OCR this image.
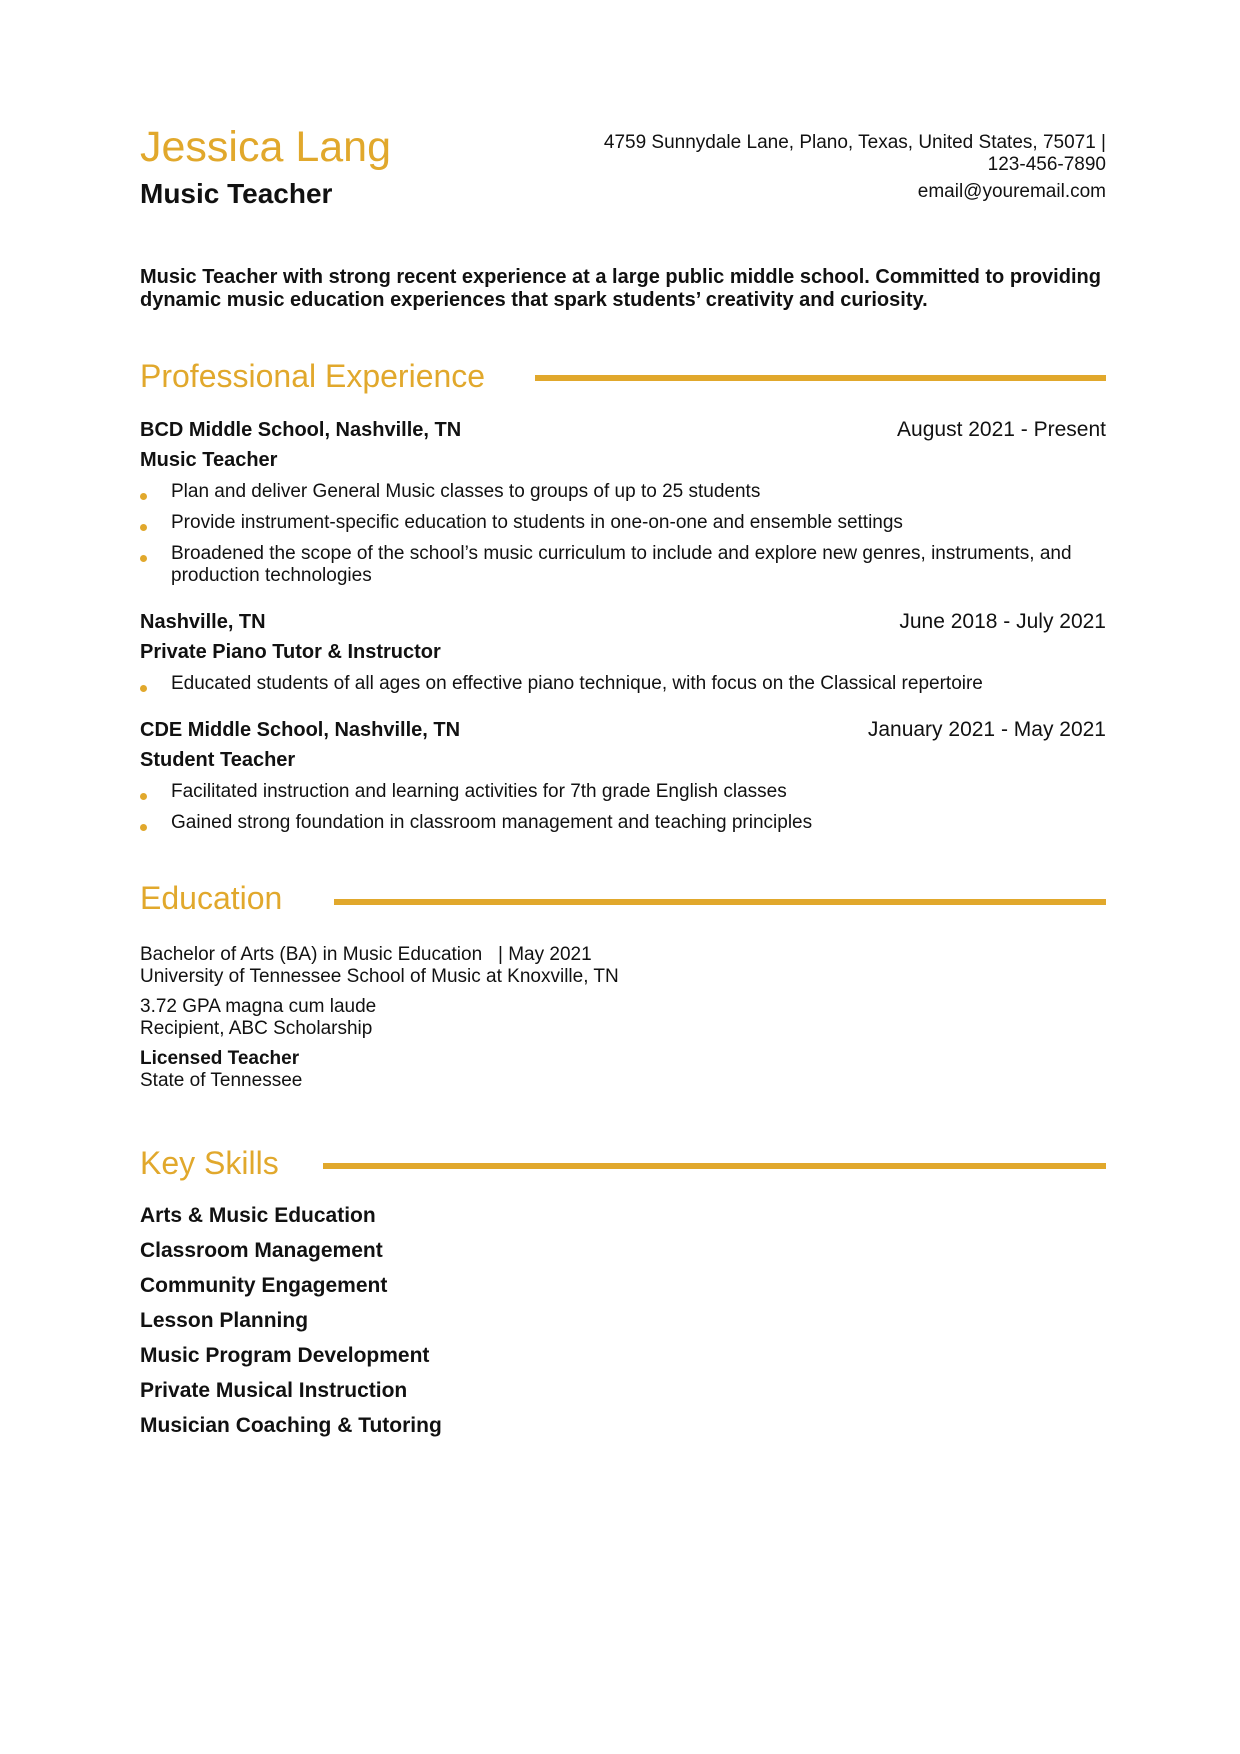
Jessica Lang
Music Teacher
4759 Sunnydale Lane, Plano, Texas, United States, 75071 |
123-456-7890
email@youremail.com
Music Teacher with strong recent experience at a large public middle school. Committed to providing dynamic music education experiences that spark students’ creativity and curiosity.
Professional Experience
BCD Middle School, Nashville, TN	August 2021 - Present
Music Teacher
Plan and deliver General Music classes to groups of up to 25 students
Provide instrument-specific education to students in one-on-one and ensemble settings
Broadened the scope of the school’s music curriculum to include and explore new genres, instruments, and production technologies
Nashville, TN	June 2018 - July 2021
Private Piano Tutor & Instructor
Educated students of all ages on effective piano technique, with focus on the Classical repertoire
CDE Middle School, Nashville, TN	January 2021 - May 2021
Student Teacher
Facilitated instruction and learning activities for 7th grade English classes
Gained strong foundation in classroom management and teaching principles
Education
Bachelor of Arts (BA) in Music Education   | May 2021
University of Tennessee School of Music at Knoxville, TN
3.72 GPA magna cum laude
Recipient, ABC Scholarship
Licensed Teacher
State of Tennessee
Key Skills
Arts & Music Education
Classroom Management
Community Engagement
Lesson Planning
Music Program Development
Private Musical Instruction
Musician Coaching & Tutoring
